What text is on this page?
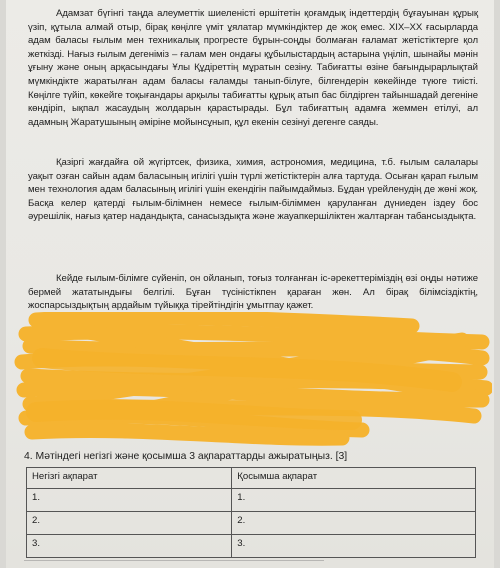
Адамзат бүгінгі таңда алеуметтік шиеленісті өршітетін қоғамдық індеттердің бұғауынан құрық үзіп, құтыла алмай отыр, бірақ көңілге үміт ұялатар мүмкіндіктер де жоқ емес. XIX–XX ғасырларда адам баласы ғылым мен техникалық прогресте бұрын-соңды болмаған ғаламат жетістіктерге қол жеткізді. Нағыз ғылым дегеніміз – ғалам мен ондағы құбылыстардың астарына үңіліп, шынайы мәнін ұғыну және оның арқасындағы Ұлы Құдіреттің мұратын сезіну. Табиғатты өзіне бағындырарлықтай мүмкіндікте жаратылған адам баласы ғаламды танып-білуге, білгендерін көкейінде түюге тиісті. Көңілге түйіп, көкейге тоқығандары арқылы табиғатты құрық атып бас білдірген тайыншадай дегеніне көндіріп, ықпал жасаудың жолдарын қарастырады. Бұл табиғаттың адамға жеммен етілуі, ал адамның Жаратушының әміріне мойынсұнып, құл екенін сезінуі дегенге саяды.

Қазіргі жағдайға ой жүгіртсек, физика, химия, астрономия, медицина, т.б. ғылым салалары уақыт озған сайын адам баласының игілігі үшін түрлі жетістіктерін алға тартуда. Осыған қарап ғылым мен технология адам баласының игілігі үшін екендігін пайымдаймыз. Бұдан үрейленудің де жөні жоқ. Басқа келер қатерді ғылым-білімнен немесе ғылым-біліммен қаруланған дүниеден іздеу бос әурешілік, нағыз қатер надандықта, санасыздықта және жауапкершіліктен жалтарған табансыздықта.

Кейде ғылым-білімге сүйеніп, он ойланып, тоғыз толғанған іс-әрекеттеріміздің өзі оңды нәтиже бермей жататындығы белгілі. Бұған түсіністікпен қараған жөн. Ал бірақ білімсіздіктің, жоспарсыздықтың ардайым түйыққа тірейтіндігін ұмытпау қажет.

4. Мәтіндегі негізгі және қосымша 3 ақпараттарды ажыратыңыз. [3]
Негізгі ақпарат	Қосымша ақпарат
1.	1.
2.	2.
3.	3.
